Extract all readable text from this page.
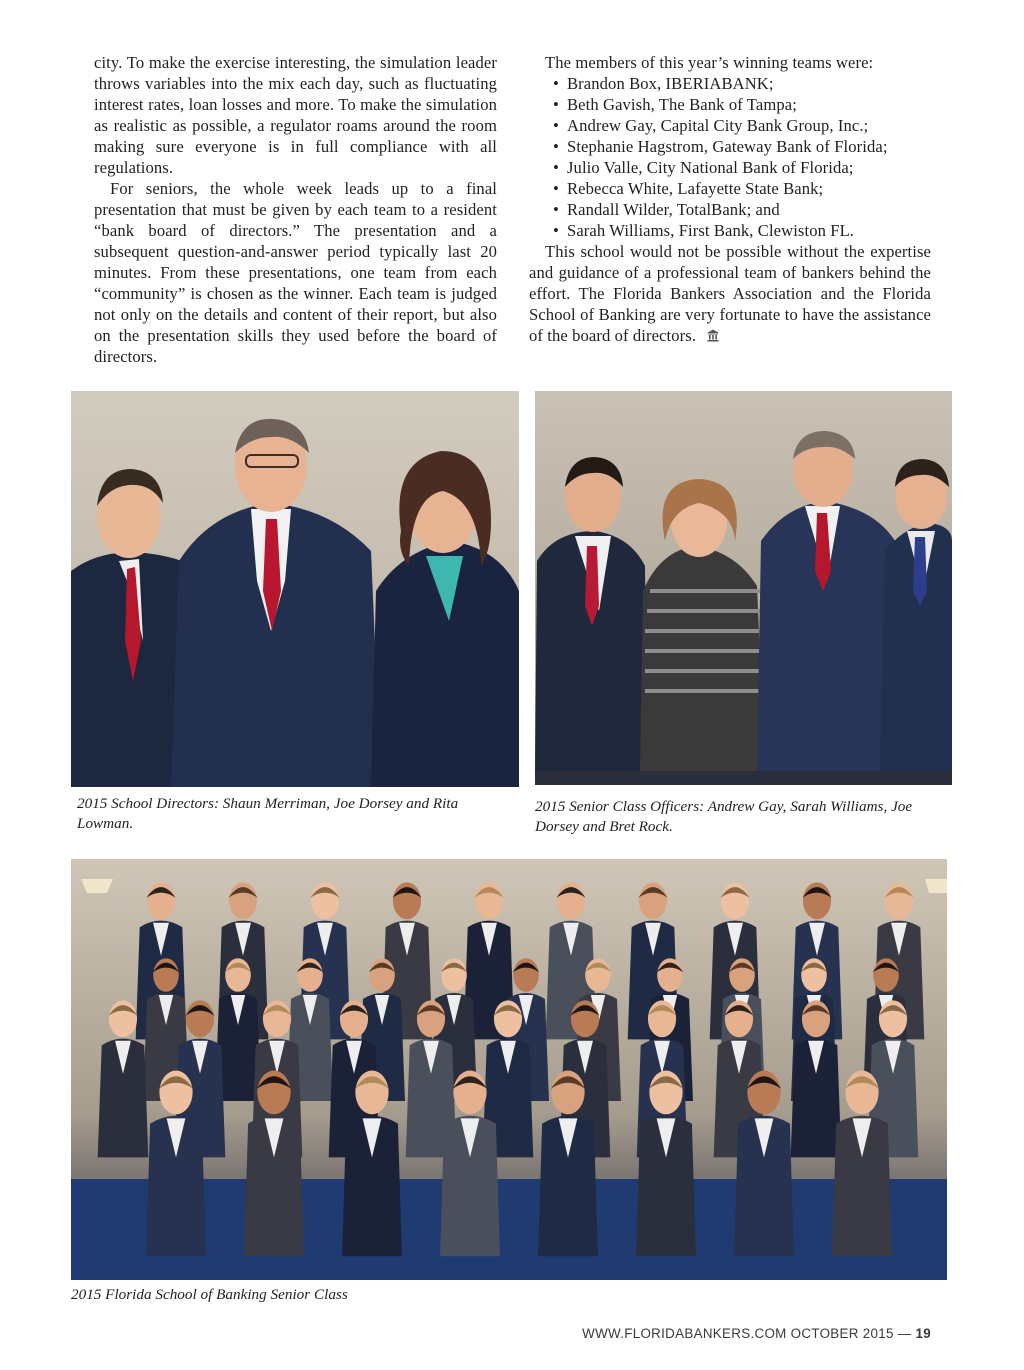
city. To make the exercise interesting, the simulation leader throws variables into the mix each day, such as fluctuating interest rates, loan losses and more. To make the simulation as realistic as possible, a regulator roams around the room making sure everyone is in full compliance with all regulations.

For seniors, the whole week leads up to a final presentation that must be given by each team to a resident “bank board of directors.” The presentation and a subsequent question-and-answer period typically last 20 minutes. From these presentations, one team from each “community” is chosen as the winner. Each team is judged not only on the details and content of their report, but also on the presentation skills they used before the board of directors.

The members of this year’s winning teams were:

• Brandon Box, IBERIABANK;
• Beth Gavish, The Bank of Tampa;
• Andrew Gay, Capital City Bank Group, Inc.;
• Stephanie Hagstrom, Gateway Bank of Florida;
• Julio Valle, City National Bank of Florida;
• Rebecca White, Lafayette State Bank;
• Randall Wilder, TotalBank; and
• Sarah Williams, First Bank, Clewiston FL.

This school would not be possible without the expertise and guidance of a professional team of bankers behind the effort. The Florida Bankers Association and the Florida School of Banking are very fortunate to have the assistance of the board of directors.

2015 School Directors: Shaun Merriman, Joe Dorsey and Rita Lowman.
2015 Senior Class Officers: Andrew Gay, Sarah Williams, Joe Dorsey and Bret Rock.
2015 Florida School of Banking Senior Class
WWW.FLORIDABANKERS.COM OCTOBER 2015 — 19
